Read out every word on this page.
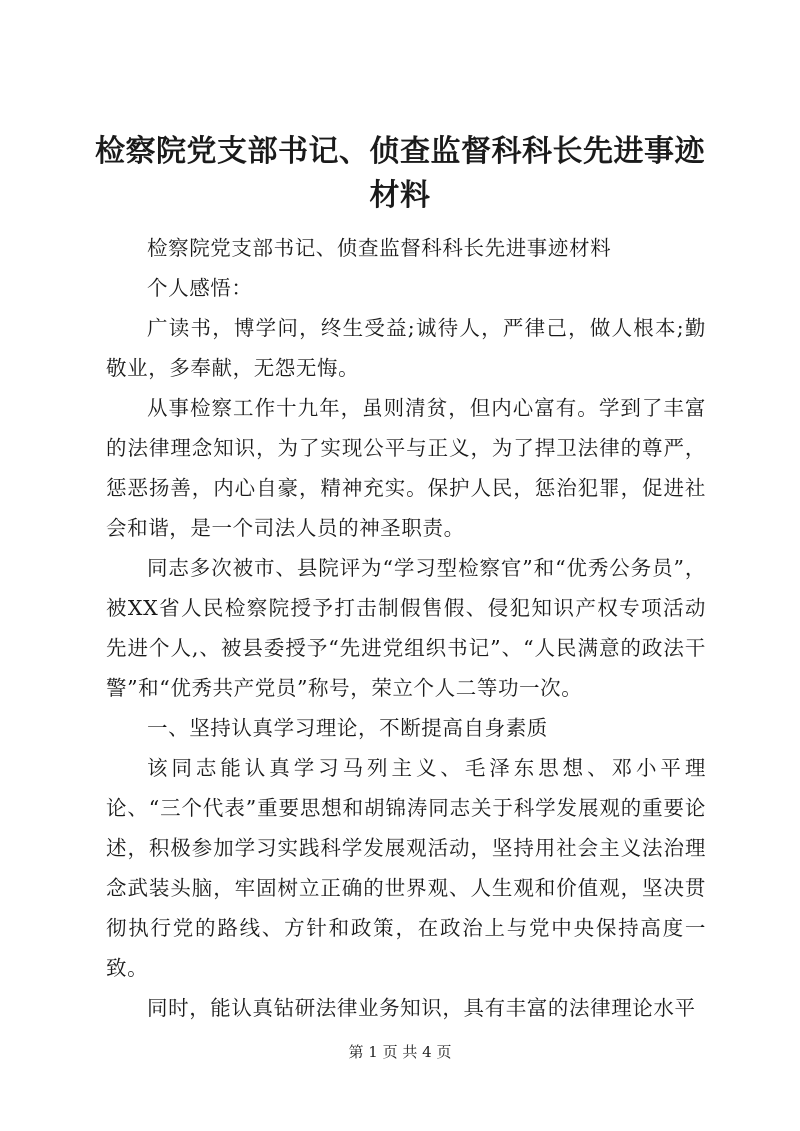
检察院党支部书记、侦查监督科科长先进事迹材料

检察院党支部书记、侦查监督科科长先进事迹材料

个人感悟：

广读书，博学问，终生受益;诚待人，严律己，做人根本;勤敬业，多奉献，无怨无悔。

从事检察工作十九年，虽则清贫，但内心富有。学到了丰富的法律理念知识，为了实现公平与正义，为了捍卫法律的尊严，惩恶扬善，内心自豪，精神充实。保护人民，惩治犯罪，促进社会和谐，是一个司法人员的神圣职责。

同志多次被市、县院评为“学习型检察官”和“优秀公务员”，被XX省人民检察院授予打击制假售假、侵犯知识产权专项活动先进个人,、被县委授予“先进党组织书记”、“人民满意的政法干警”和“优秀共产党员”称号，荣立个人二等功一次。

一、坚持认真学习理论，不断提高自身素质

该同志能认真学习马列主义、毛泽东思想、邓小平理论、“三个代表”重要思想和胡锦涛同志关于科学发展观的重要论述，积极参加学习实践科学发展观活动，坚持用社会主义法治理念武装头脑，牢固树立正确的世界观、人生观和价值观，坚决贯彻执行党的路线、方针和政策，在政治上与党中央保持高度一致。

同时，能认真钻研法律业务知识，具有丰富的法律理论水平

第 1 页 共 4 页
